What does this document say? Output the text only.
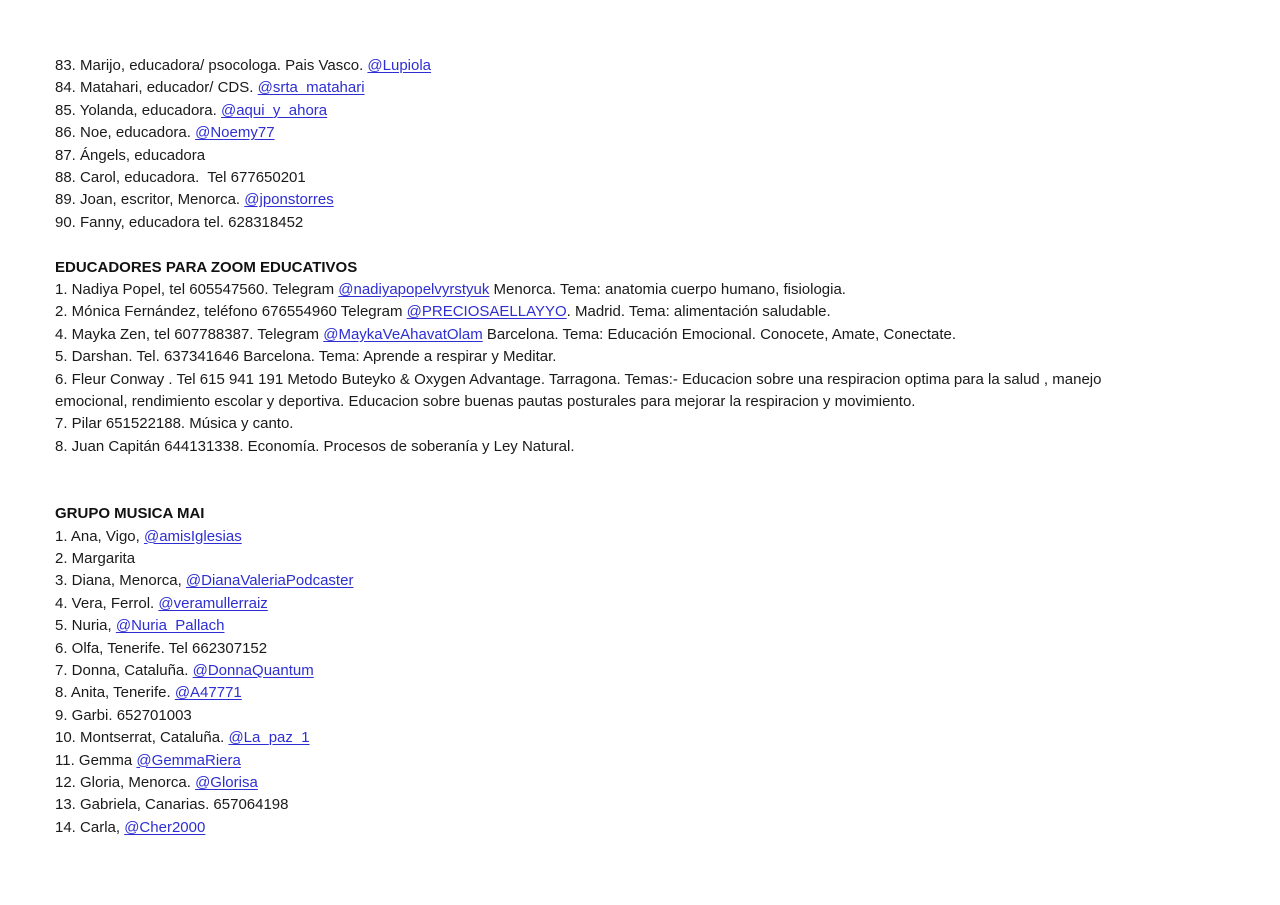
83. Marijo, educadora/ psocologa. Pais Vasco. @Lupiola

84. Matahari, educador/ CDS. @srta_matahari

85. Yolanda, educadora. @aqui_y_ahora

86. Noe, educadora. @Noemy77

87. Ángels, educadora

88. Carol, educadora.  Tel 677650201

89. Joan, escritor, Menorca. @jponstorres

90. Fanny, educadora tel. 628318452

EDUCADORES PARA ZOOM EDUCATIVOS

1. Nadiya Popel, tel 605547560. Telegram @nadiyapopelvyrstyuk Menorca. Tema: anatomia cuerpo humano, fisiologia.

2. Mónica Fernández, teléfono 676554960 Telegram @PRECIOSAELLAYYO. Madrid. Tema: alimentación saludable.

4. Mayka Zen, tel 607788387. Telegram @MaykaVeAhavatOlam Barcelona. Tema: Educación Emocional. Conocete, Amate, Conectate.

5. Darshan. Tel. 637341646 Barcelona. Tema: Aprende a respirar y Meditar.

6. Fleur Conway . Tel 615 941 191 Metodo Buteyko & Oxygen Advantage. Tarragona. Temas:- Educacion sobre una respiracion optima para la salud , manejo

emocional, rendimiento escolar y deportiva. Educacion sobre buenas pautas posturales para mejorar la respiracion y movimiento.

7. Pilar 651522188. Música y canto.

8. Juan Capitán 644131338. Economía. Procesos de soberanía y Ley Natural.

GRUPO MUSICA MAI

1. Ana, Vigo, @amisIglesias

2. Margarita

3. Diana, Menorca, @DianaValeriaPodcaster

4. Vera, Ferrol. @veramullerraiz

5. Nuria, @Nuria_Pallach

6. Olfa, Tenerife. Tel 662307152

7. Donna, Cataluña. @DonnaQuantum

8. Anita, Tenerife. @A47771

9. Garbi. 652701003

10. Montserrat, Cataluña. @La_paz_1

11. Gemma @GemmaRiera

12. Gloria, Menorca. @Glorisa

13. Gabriela, Canarias. 657064198

14. Carla, @Cher2000
